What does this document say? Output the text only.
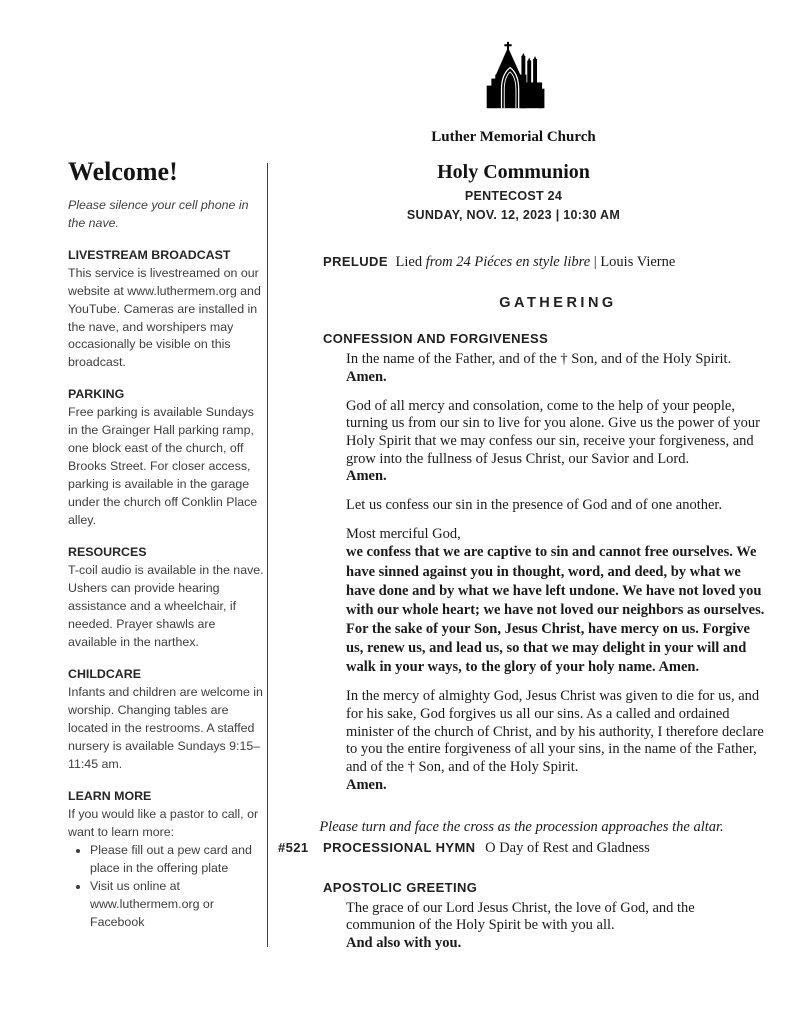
Luther Memorial Church
Holy Communion
PENTECOST 24
SUNDAY, NOV. 12, 2023 | 10:30 AM
Welcome!
Please silence your cell phone in the nave.
LIVESTREAM BROADCAST
This service is livestreamed on our website at www.luthermem.org and YouTube. Cameras are installed in the nave, and worshipers may occasionally be visible on this broadcast.
PARKING
Free parking is available Sundays in the Grainger Hall parking ramp, one block east of the church, off Brooks Street. For closer access, parking is available in the garage under the church off Conklin Place alley.
RESOURCES
T-coil audio is available in the nave. Ushers can provide hearing assistance and a wheelchair, if needed. Prayer shawls are available in the narthex.
CHILDCARE
Infants and children are welcome in worship. Changing tables are located in the restrooms. A staffed nursery is available Sundays 9:15–11:45 am.
LEARN MORE
If you would like a pastor to call, or want to learn more:
• Please fill out a pew card and place in the offering plate
• Visit us online at www.luthermem.org or Facebook
PRELUDE Lied from 24 Piéces en style libre | Louis Vierne
GATHERING
CONFESSION AND FORGIVENESS
In the name of the Father, and of the † Son, and of the Holy Spirit.
Amen.

God of all mercy and consolation, come to the help of your people, turning us from our sin to live for you alone. Give us the power of your Holy Spirit that we may confess our sin, receive your forgiveness, and grow into the fullness of Jesus Christ, our Savior and Lord.
Amen.

Let us confess our sin in the presence of God and of one another.

Most merciful God,
we confess that we are captive to sin and cannot free ourselves. We have sinned against you in thought, word, and deed, by what we have done and by what we have left undone. We have not loved you with our whole heart; we have not loved our neighbors as ourselves. For the sake of your Son, Jesus Christ, have mercy on us. Forgive us, renew us, and lead us, so that we may delight in your will and walk in your ways, to the glory of your holy name. Amen.

In the mercy of almighty God, Jesus Christ was given to die for us, and for his sake, God forgives us all our sins. As a called and ordained minister of the church of Christ, and by his authority, I therefore declare to you the entire forgiveness of all your sins, in the name of the Father, and of the † Son, and of the Holy Spirit.
Amen.

Please turn and face the cross as the procession approaches the altar.
#521	PROCESSIONAL HYMN O Day of Rest and Gladness
APOSTOLIC GREETING

The grace of our Lord Jesus Christ, the love of God, and the communion of the Holy Spirit be with you all.
And also with you.
